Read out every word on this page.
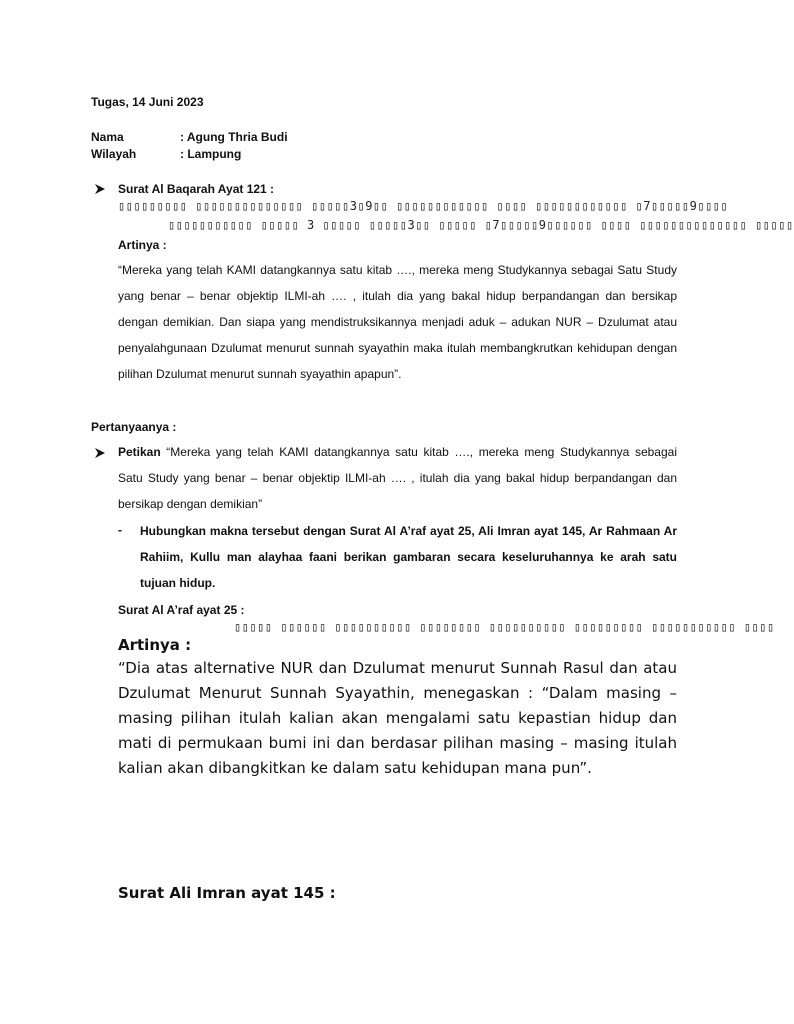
Tugas, 14 Juni 2023
Nama	: Agung Thria Budi
Wilayah	: Lampung
Surat Al Baqarah Ayat 121 :
▯▯▯▯▯▯▯▯▯ ▯▯▯▯▯▯▯▯▯▯▯▯▯▯ ▯▯▯▯▯3▯9▯▯ ▯▯▯▯▯▯▯▯▯▯▯▯ ▯▯▯▯ ▯▯▯▯▯▯▯▯▯▯▯▯ ▯7▯▯▯▯▯9▯▯▯▯
▯▯▯▯▯▯▯▯▯▯▯ ▯▯▯▯▯ 3 ▯▯▯▯▯ ▯▯▯▯▯3▯▯ ▯▯▯▯▯ ▯7▯▯▯▯▯9▯▯▯▯▯▯ ▯▯▯▯ ▯▯▯▯▯▯▯▯▯▯▯▯▯▯ ▯▯▯▯▯
Artinya :
“Mereka yang telah KAMI datangkannya satu kitab …., mereka meng Studykannya sebagai Satu Study yang benar – benar objektip ILMI-ah …. , itulah dia yang bakal hidup berpandangan dan bersikap dengan demikian. Dan siapa yang mendistruksikannya menjadi aduk – adukan NUR – Dzulumat atau penyalahgunaan Dzulumat menurut sunnah syayathin maka itulah membangkrutkan kehidupan dengan pilihan Dzulumat menurut sunnah syayathin apapun”.
Pertanyaanya :
Petikan “Mereka yang telah KAMI datangkannya satu kitab …., mereka meng Studykannya sebagai Satu Study yang benar – benar objektip ILMI-ah …. , itulah dia yang bakal hidup berpandangan dan bersikap dengan demikian”
- Hubungkan makna tersebut dengan Surat Al A’raf ayat 25, Ali Imran ayat 145, Ar Rahmaan Ar Rahiim, Kullu man alayhaa faani berikan gambaran secara keseluruhannya ke arah satu tujuan hidup.
Surat Al A’raf ayat 25 :
▯▯▯▯▯ ▯▯▯▯▯▯ ▯▯▯▯▯▯▯▯▯▯ ▯▯▯▯▯▯▯▯ ▯▯▯▯▯▯▯▯▯▯ ▯▯▯▯▯▯▯▯▯ ▯▯▯▯▯▯▯▯▯▯▯ ▯▯▯▯
Artinya :
“Dia atas alternative NUR dan Dzulumat menurut Sunnah Rasul dan atau Dzulumat Menurut Sunnah Syayathin, menegaskan : “Dalam masing – masing pilihan itulah kalian akan mengalami satu kepastian hidup dan mati di permukaan bumi ini dan berdasar pilihan masing – masing itulah kalian akan dibangkitkan ke dalam satu kehidupan mana pun”.
Surat Ali Imran ayat 145 :
